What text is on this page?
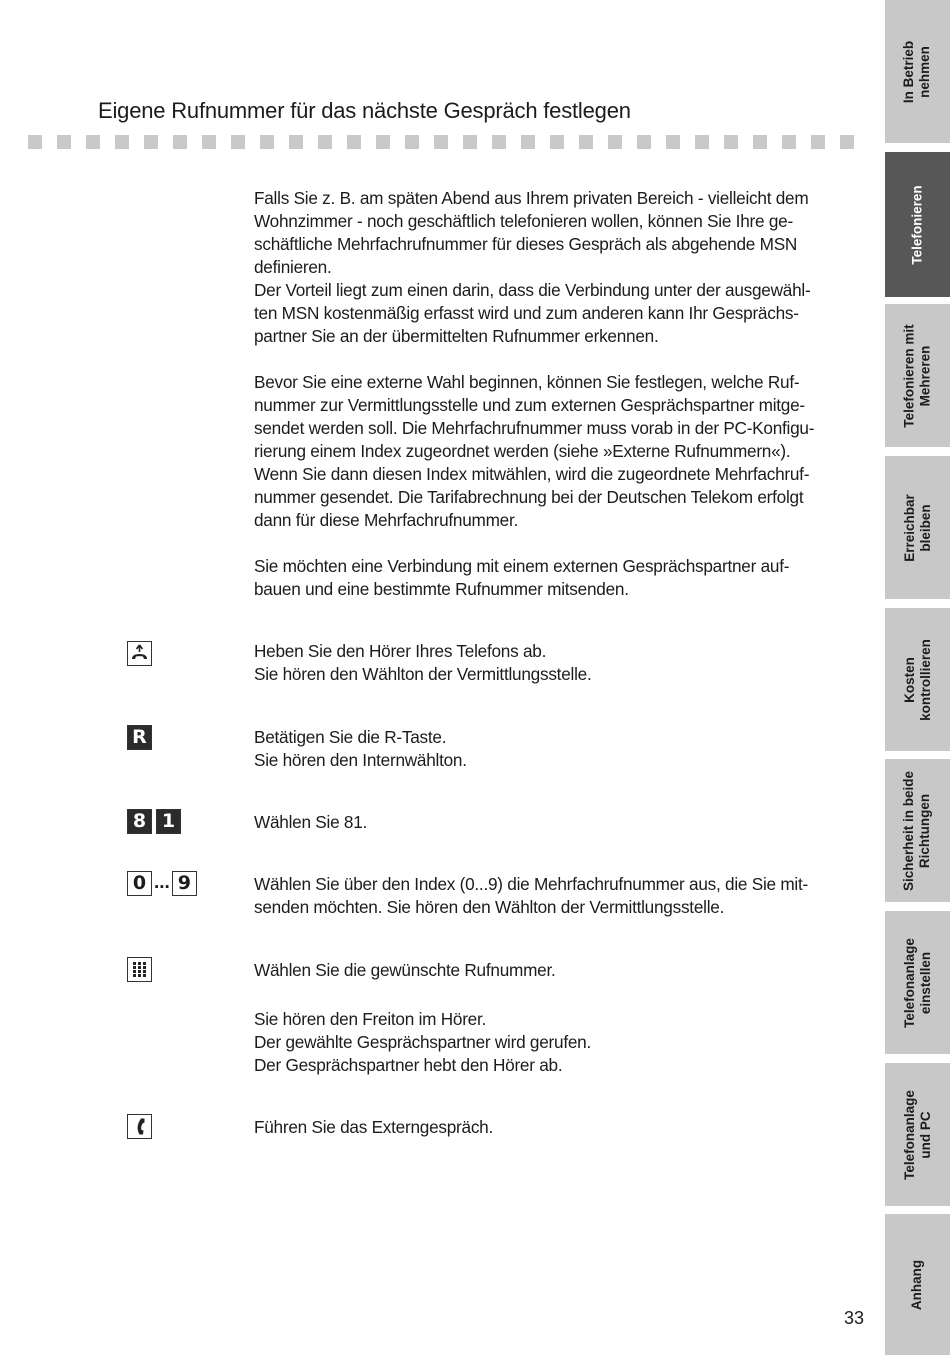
Eigene Rufnummer für das nächste Gespräch festlegen

Falls Sie z. B. am späten Abend aus Ihrem privaten Bereich - vielleicht dem

Wohnzimmer - noch geschäftlich telefonieren wollen, können Sie Ihre ge-

schäftliche Mehrfachrufnummer für dieses Gespräch als abgehende MSN

definieren.

Der Vorteil liegt zum einen darin, dass die Verbindung unter der ausgewähl-

ten MSN kostenmäßig erfasst wird und zum anderen kann Ihr Gesprächs-

partner Sie an der übermittelten Rufnummer erkennen.

Bevor Sie eine externe Wahl beginnen, können Sie festlegen, welche Ruf-

nummer zur Vermittlungsstelle und zum externen Gesprächspartner mitge-

sendet werden soll. Die Mehrfachrufnummer muss vorab in der PC-Konfigu-

rierung einem Index zugeordnet werden (siehe »Externe Rufnummern«).

Wenn Sie dann diesen Index mitwählen, wird die zugeordnete Mehrfachruf-

nummer gesendet. Die Tarifabrechnung bei der Deutschen Telekom erfolgt

dann für diese Mehrfachrufnummer.

Sie möchten eine Verbindung mit einem externen Gesprächspartner auf-

bauen und eine bestimmte Rufnummer mitsenden.

Heben Sie den Hörer Ihres Telefons ab.
Sie hören den Wählton der Vermittlungsstelle.
R	Betätigen Sie die R-Taste.
Sie hören den Internwählton.
8 1	Wählen Sie 81.
0 ... 9	Wählen Sie über den Index (0...9) die Mehrfachrufnummer aus, die Sie mit-
senden möchten. Sie hören den Wählton der Vermittlungsstelle.
Wählen Sie die gewünschte Rufnummer.
Sie hören den Freiton im Hörer.
Der gewählte Gesprächspartner wird gerufen.
Der Gesprächspartner hebt den Hörer ab.
Führen Sie das Externgespräch.
33
In Betrieb nehmen
Telefonieren
Telefonieren mit Mehreren
Erreichbar bleiben
Kosten kontrollieren
Sicherheit in beide Richtungen
Telefonanlage einstellen
Telefonanlage und PC
Anhang
